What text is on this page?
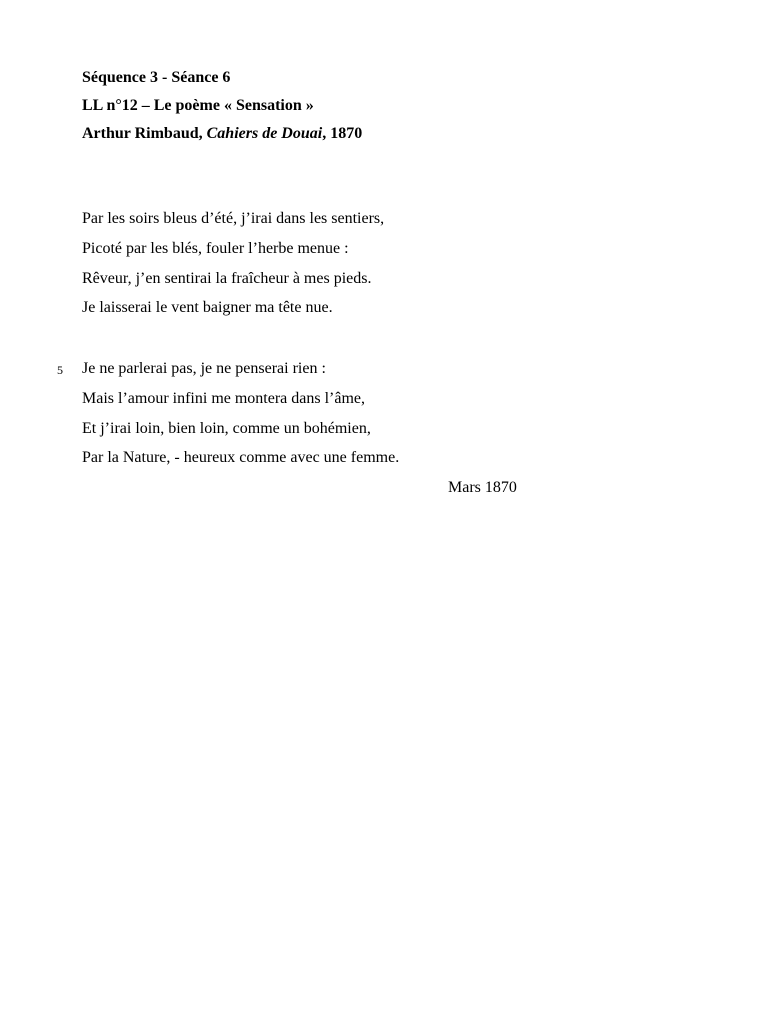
Séquence 3 - Séance 6
LL n°12 – Le poème « Sensation »
Arthur Rimbaud, Cahiers de Douai, 1870
Par les soirs bleus d’été, j’irai dans les sentiers,
Picoté par les blés, fouler l’herbe menue :
Rêveur, j’en sentirai la fraîcheur à mes pieds.
Je laisserai le vent baigner ma tête nue.
5 Je ne parlerai pas, je ne penserai rien :
Mais l’amour infini me montera dans l’âme,
Et j’irai loin, bien loin, comme un bohémien,
Par la Nature, - heureux comme avec une femme.
Mars 1870
